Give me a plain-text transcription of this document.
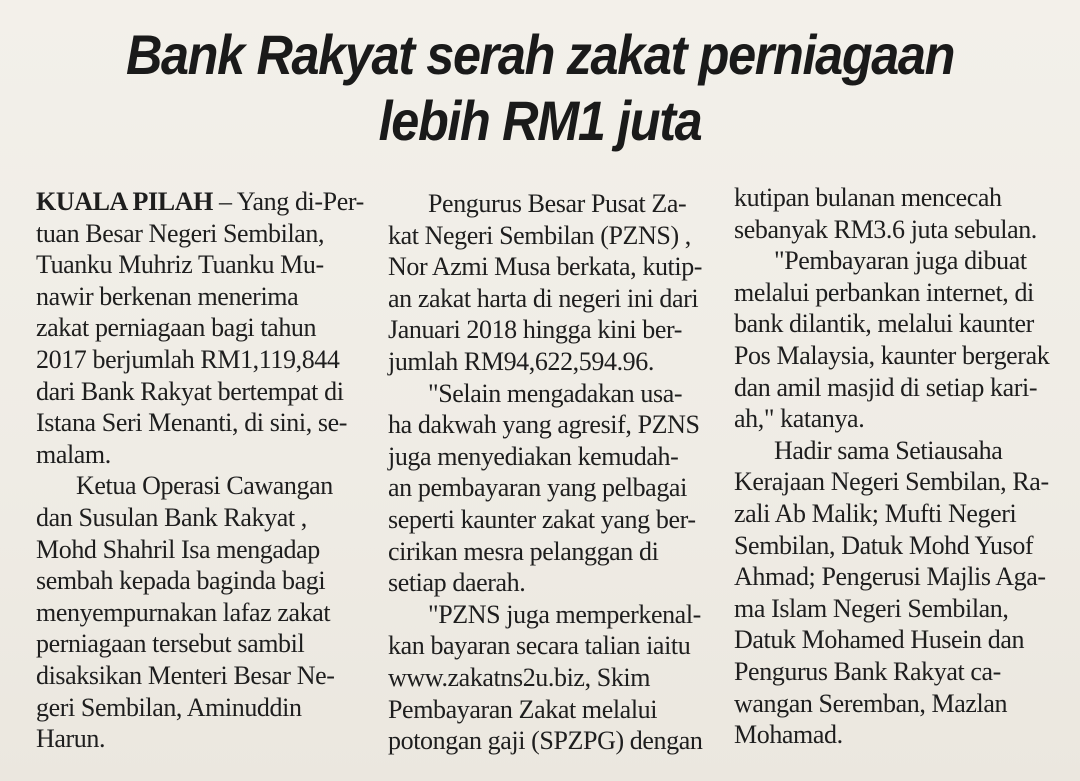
Bank Rakyat serah zakat perniagaan
lebih RM1 juta

KUALA PILAH – Yang di-Per-
tuan Besar Negeri Sembilan,
Tuanku Muhriz Tuanku Mu-
nawir berkenan menerima
zakat perniagaan bagi tahun
2017 berjumlah RM1,119,844
dari Bank Rakyat bertempat di
Istana Seri Menanti, di sini, se-
malam.

Ketua Operasi Cawangan
dan Susulan Bank Rakyat ,
Mohd Shahril Isa mengadap
sembah kepada baginda bagi
menyempurnakan lafaz zakat
perniagaan tersebut sambil
disaksikan Menteri Besar Ne-
geri Sembilan, Aminuddin
Harun.

Pengurus Besar Pusat Za-
kat Negeri Sembilan (PZNS) ,
Nor Azmi Musa berkata, kutip-
an zakat harta di negeri ini dari
Januari 2018 hingga kini ber-
jumlah RM94,622,594.96.

"Selain mengadakan usa-
ha dakwah yang agresif, PZNS
juga menyediakan kemudah-
an pembayaran yang pelbagai
seperti kaunter zakat yang ber-
cirikan mesra pelanggan di
setiap daerah.

"PZNS juga memperkenal-
kan bayaran secara talian iaitu
www.zakatns2u.biz, Skim
Pembayaran Zakat melalui
potongan gaji (SPZPG) dengan

kutipan bulanan mencecah
sebanyak RM3.6 juta sebulan.

"Pembayaran juga dibuat
melalui perbankan internet, di
bank dilantik, melalui kaunter
Pos Malaysia, kaunter bergerak
dan amil masjid di setiap kari-
ah," katanya.

Hadir sama Setiausaha
Kerajaan Negeri Sembilan, Ra-
zali Ab Malik; Mufti Negeri
Sembilan, Datuk Mohd Yusof
Ahmad; Pengerusi Majlis Aga-
ma Islam Negeri Sembilan,
Datuk Mohamed Husein dan
Pengurus Bank Rakyat ca-
wangan Seremban, Mazlan
Mohamad.
